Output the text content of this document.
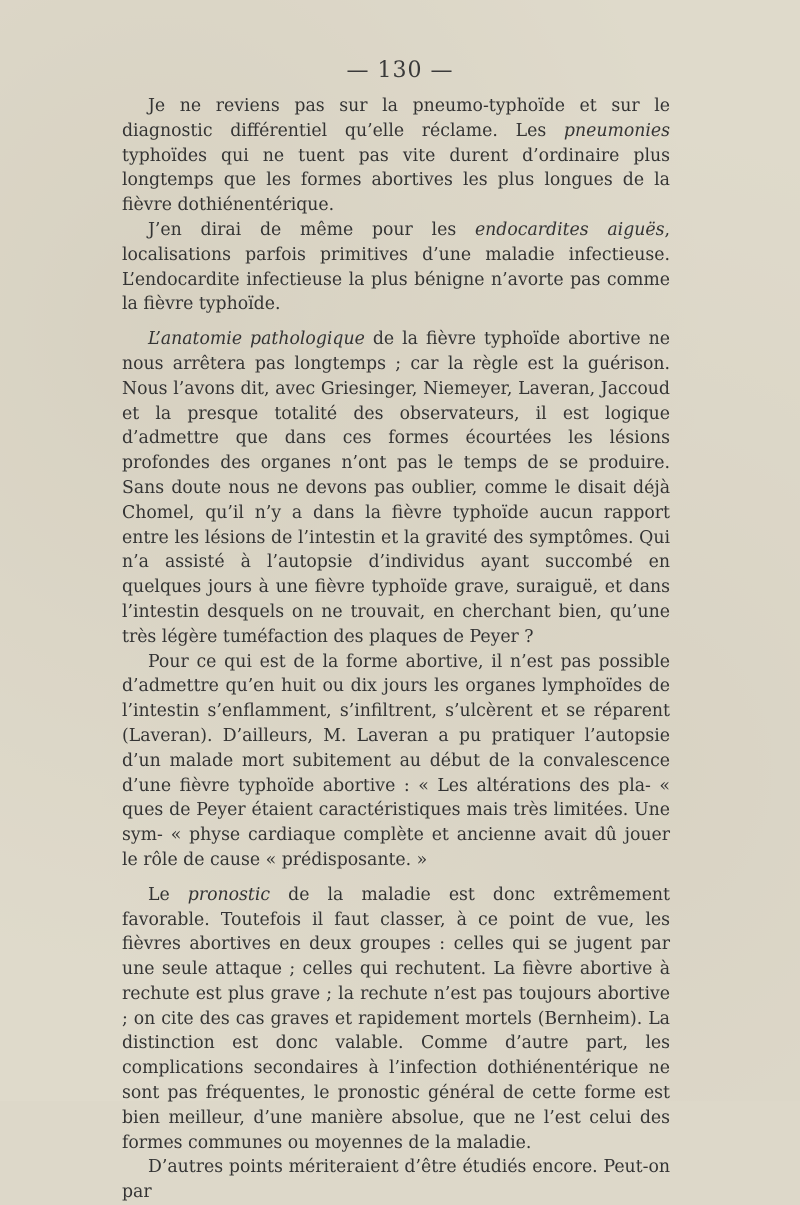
— 130 —

Je ne reviens pas sur la pneumo-typhoïde et sur le diagnostic différentiel qu’elle réclame. Les pneumonies typhoïdes qui ne tuent pas vite durent d’ordinaire plus longtemps que les formes abortives les plus longues de la fièvre dothiénentérique.

J’en dirai de même pour les endocardites aiguës, localisations parfois primitives d’une maladie infectieuse. L’endocardite infectieuse la plus bénigne n’avorte pas comme la fièvre typhoïde.

L’anatomie pathologique de la fièvre typhoïde abortive ne nous arrêtera pas longtemps ; car la règle est la guérison. Nous l’avons dit, avec Griesinger, Niemeyer, Laveran, Jaccoud et la presque totalité des observateurs, il est logique d’admettre que dans ces formes écourtées les lésions profondes des organes n’ont pas le temps de se produire. Sans doute nous ne devons pas oublier, comme le disait déjà Chomel, qu’il n’y a dans la fièvre typhoïde aucun rapport entre les lésions de l’intestin et la gravité des symptômes. Qui n’a assisté à l’autopsie d’individus ayant succombé en quelques jours à une fièvre typhoïde grave, suraiguë, et dans l’intestin desquels on ne trouvait, en cherchant bien, qu’une très légère tuméfaction des plaques de Peyer ?

Pour ce qui est de la forme abortive, il n’est pas possible d’admettre qu’en huit ou dix jours les organes lymphoïdes de l’intestin s’enflamment, s’infiltrent, s’ulcèrent et se réparent (Laveran). D’ailleurs, M. Laveran a pu pratiquer l’autopsie d’un malade mort subitement au début de la convalescence d’une fièvre typhoïde abortive : « Les altérations des pla- « ques de Peyer étaient caractéristiques mais très limitées. Une sym- « physe cardiaque complète et ancienne avait dû jouer le rôle de cause « prédisposante. »

Le pronostic de la maladie est donc extrêmement favorable. Toutefois il faut classer, à ce point de vue, les fièvres abortives en deux groupes : celles qui se jugent par une seule attaque ; celles qui rechutent. La fièvre abortive à rechute est plus grave ; la rechute n’est pas toujours abortive ; on cite des cas graves et rapidement mortels (Bernheim). La distinction est donc valable. Comme d’autre part, les complications secondaires à l’infection dothiénentérique ne sont pas fréquentes, le pronostic général de cette forme est bien meilleur, d’une manière absolue, que ne l’est celui des formes communes ou moyennes de la maladie.

D’autres points mériteraient d’être étudiés encore. Peut-on par
